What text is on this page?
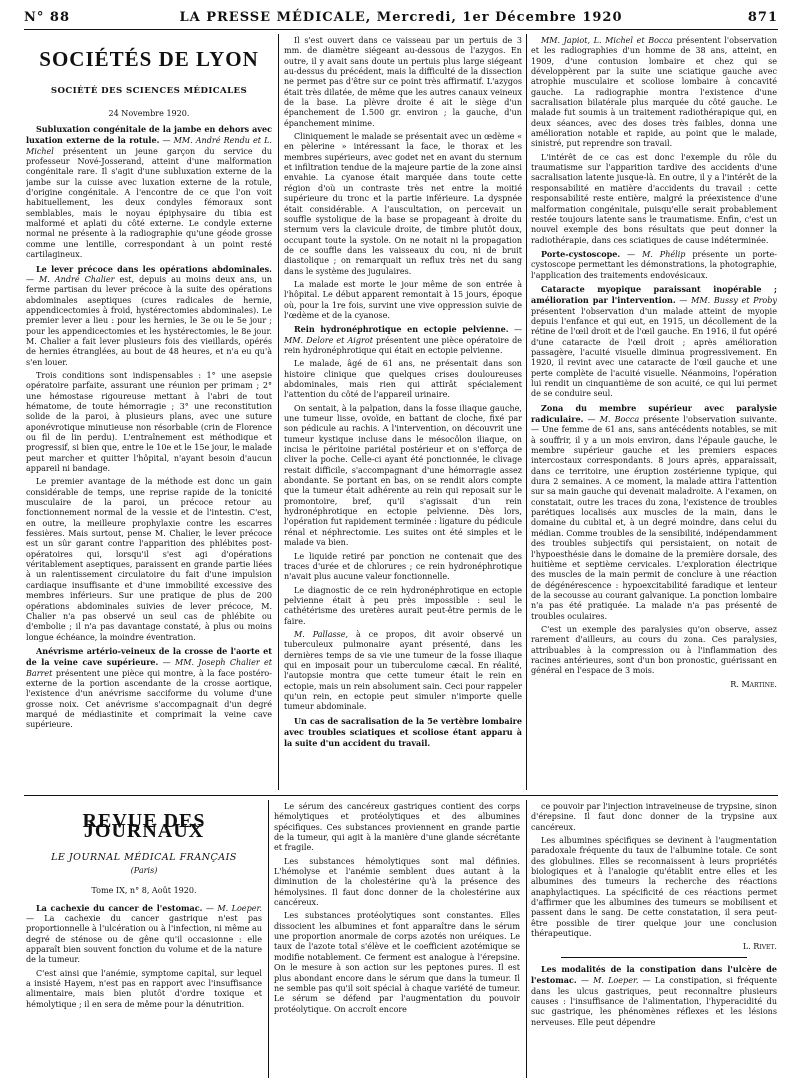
N° 88	LA PRESSE MÉDICALE, Mercredi, 1er Décembre 1920	871
SOCIÉTÉS DE LYON
SOCIÉTÉ DES SCIENCES MÉDICALES
24 Novembre 1920.

Subluxation congénitale de la jambe en dehors avec luxation externe de la rotule. — MM. André Rendu et L. Michel présentent un jeune garçon du service du professeur Nové-Josserand, atteint d'une malformation congénitale rare. Il s'agit d'une subluxation externe de la jambe sur la cuisse avec luxation externe de la rotule, d'origine congénitale. A l'encontre de ce que l'on voit habituellement, les deux condyles fémoraux sont semblables, mais le noyau épiphysaire du tibia est malformé et aplati du côté externe. Le condyle externe normal ne présente à la radiographie qu'une géode grosse comme une lentille, correspondant à un point resté cartilagineux.

Le lever précoce dans les opérations abdominales. — M. André Chalier est, depuis au moins deux ans, un ferme partisan du lever précoce à la suite des opérations abdominales aseptiques (cures radicales de hernie, appendicectomies à froid, hystérectomies abdominales). Le premier lever a lieu : pour les hernies, le 3e ou le 5e jour ; pour les appendicectomies et les hystérectomies, le 8e jour. M. Chalier a fait lever plusieurs fois des vieillards, opérés de hernies étranglées, au bout de 48 heures, et n'a eu qu'à s'en louer.

Trois conditions sont indispensables : 1° une asepsie opératoire parfaite, assurant une réunion per primam ; 2° une hémostase rigoureuse mettant à l'abri de tout hématome, de toute hémorragie ; 3° une reconstitution solide de la paroi, à plusieurs plans, avec une suture aponévrotique minutieuse non résorbable (crin de Florence ou fil de lin perdu). L'entraînement est méthodique et progressif, si bien que, entre le 10e et le 15e jour, le malade peut marcher et quitter l'hôpital, n'ayant besoin d'aucun appareil ni bandage.

Le premier avantage de la méthode est donc un gain considérable de temps, une reprise rapide de la tonicité musculaire de la paroi, un précoce retour au fonctionnement normal de la vessie et de l'intestin. C'est, en outre, la meilleure prophylaxie contre les escarres fessières. Mais surtout, pense M. Chalier, le lever précoce est un sûr garant contre l'apparition des phlébites post-opératoires qui, lorsqu'il s'est agi d'opérations véritablement aseptiques, paraissent en grande partie liées à un ralentissement circulatoire du fait d'une impulsion cardiaque insuffisante et d'une immobilité excessive des membres inférieurs. Sur une pratique de plus de 200 opérations abdominales suivies de lever précoce, M. Chalier n'a pas observé un seul cas de phlébite ou d'embolie ; il n'a pas davantage constaté, à plus ou moins longue échéance, la moindre éventration.

Anévrisme artério-veineux de la crosse de l'aorte et de la veine cave supérieure. — MM. Joseph Chalier et Barret présentent une pièce qui montre, à la face postéro-externe de la portion ascendante de la crosse aortique, l'existence d'un anévrisme sacciforme du volume d'une grosse noix. Cet anévrisme s'accompagnait d'un degré marqué de médiastinite et comprimait la veine cave supérieure.

Il s'est ouvert dans ce vaisseau par un pertuis de 3 mm. de diamètre siégeant au-dessous de l'azygos. En outre, il y avait sans doute un pertuis plus large siégeant au-dessus du précédent, mais la difficulté de la dissection ne permet pas d'être sur ce point très affirmatif. L'azygos était très dilatée, de même que les autres canaux veineux de la base. La plèvre droite é ait le siège d'un épanchement de 1.500 gr. environ ; la gauche, d'un épanchement minime.

Cliniquement le malade se présentait avec un œdème « en pèlerine » intéressant la face, le thorax et les membres supérieurs, avec godet net en avant du sternum et infiltration tendue de la majeure partie de la zone ainsi envahie. La cyanose était marquée dans toute cette région d'où un contraste très net entre la moitié supérieure du tronc et la partie inférieure. La dyspnée était considérable. A l'auscultation, on percevait un souffle systolique de la base se propageant à droite du sternum vers la clavicule droite, de timbre plutôt doux, occupant toute la systole. On ne notait ni la propagation de ce souffle dans les vaisseaux du cou, ni de bruit diastolique ; on remarquait un reflux très net du sang dans le système des jugulaires.

La malade est morte le jour même de son entrée à l'hôpital. Le début apparent remontait à 15 jours, époque où, pour la 1re fois, survint une vive oppression suivie de l'œdème et de la cyanose.

Rein hydronéphrotique en ectopie pelvienne. — MM. Delore et Aigrot présentent une pièce opératoire de rein hydronéphrotique qui était en ectopie pelvienne.

Le malade, âgé de 61 ans, ne présentait dans son histoire clinique que quelques crises douloureuses abdominales, mais rien qui attirât spécialement l'attention du côté de l'appareil urinaire.

On sentait, à la palpation, dans la fosse iliaque gauche, une tumeur lisse, ovoïde, en battant de cloche, fixé par son pédicule au rachis. A l'intervention, on découvrit une tumeur kystique incluse dans le mésocôlon iliaque, on incisa le péritoine pariétal postérieur et on s'efforça de cliver la poche. Celle-ci ayant été ponctionnée, le clivage restait difficile, s'accompagnant d'une hémorragie assez abondante. Se portant en bas, on se rendit alors compte que la tumeur était adhérente au rein qui reposait sur le promontoire, bref, qu'il s'agissait d'un rein hydronéphrotique en ectopie pelvienne. Dès lors, l'opération fut rapidement terminée : ligature du pédicule rénal et néphrectomie. Les suites ont été simples et le malade va bien.

Le liquide retiré par ponction ne contenait que des traces d'urée et de chlorures ; ce rein hydronéphrotique n'avait plus aucune valeur fonctionnelle.

Le diagnostic de ce rein hydronéphrotique en ectopie pelvienne était à peu près impossible : seul le cathétérisme des uretères aurait peut-être permis de le faire.

M. Pallasse, à ce propos, dit avoir observé un tuberculeux pulmonaire ayant présenté, dans les dernières temps de sa vie une tumeur de la fosse iliaque qui en imposait pour un tuberculome cæcal. En réalité, l'autopsie montra que cette tumeur était le rein en ectopie, mais un rein absolument sain. Ceci pour rappeler qu'un rein, en ectopie peut simuler n'importe quelle tumeur abdominale.

Un cas de sacralisation de la 5e vertèbre lombaire avec troubles sciatiques et scoliose étant apparu à la suite d'un accident du travail.

MM. Japiot, L. Michel et Bocca présentent l'observation et les radiographies d'un homme de 38 ans, atteint, en 1909, d'une contusion lombaire et chez qui se développèrent par la suite une sciatique gauche avec atrophie musculaire et scoliose lombaire à concavité gauche. La radiographie montra l'existence d'une sacralisation bilatérale plus marquée du côté gauche. Le malade fut soumis à un traitement radiothérapique qui, en deux séances, avec des doses très faibles, donna une amélioration notable et rapide, au point que le malade, sinistré, put reprendre son travail.

L'intérêt de ce cas est donc l'exemple du rôle du traumatisme sur l'apparition tardive des accidents d'une sacralisation latente jusque-là. En outre, il y a l'intérêt de la responsabilité en matière d'accidents du travail : cette responsabilité reste entière, malgré la préexistence d'une malformation congénitale, puisqu'elle serait probablement restée toujours latente sans le traumatisme. Enfin, c'est un nouvel exemple des bons résultats que peut donner la radiothérapie, dans ces sciatiques de cause indéterminée.

Porte-cystoscope. — M. Phélip présente un porte-cystoscope permettant les démonstrations, la photographie, l'application des traitements endovésicaux.

Cataracte myopique paraissant inopérable ; amélioration par l'intervention. — MM. Bussy et Proby présentent l'observation d'un malade atteint de myopie depuis l'enfance et qui eut, en 1915, un décollement de la rétine de l'œil droit et de l'œil gauche. En 1916, il fut opéré d'une cataracte de l'œil droit ; après amélioration passagère, l'acuité visuelle diminua progressivement. En 1920, il revint avec une cataracte de l'œil gauche et une perte complète de l'acuité visuelle. Néanmoins, l'opération lui rendit un cinquantième de son acuité, ce qui lui permet de se conduire seul.

Zona du membre supérieur avec paralysie radiculaire. — M. Bocca présente l'observation suivante. — Une femme de 61 ans, sans antécédents notables, se mit à souffrir, il y a un mois environ, dans l'épaule gauche, le membre supérieur gauche et les premiers espaces intercostaux correspondants. 8 jours après, apparaissait, dans ce territoire, une éruption zostérienne typique, qui dura 2 semaines. A ce moment, la malade attira l'attention sur sa main gauche qui devenait maladroite. A l'examen, on constatait, outre les traces du zona, l'existence de troubles parétiques localisés aux muscles de la main, dans le domaine du cubital et, à un degré moindre, dans celui du médian. Comme troubles de la sensibilité, indépendamment des troubles subjectifs qui persistaient, on notait de l'hypoesthésie dans le domaine de la première dorsale, des huitième et septième cervicales. L'exploration électrique des muscles de la main permit de conclure à une réaction de dégénérescence : hypoexcitabilité faradique et lenteur de la secousse au courant galvanique. La ponction lombaire n'a pas été pratiquée. La malade n'a pas présenté de troubles oculaires.

C'est un exemple des paralysies qu'on observe, assez rarement d'ailleurs, au cours du zona. Ces paralysies, attribuables à la compression ou à l'inflammation des racines antérieures, sont d'un bon pronostic, guérissant en général en l'espace de 3 mois.

R. Martine.

REVUE DES JOURNAUX
LE JOURNAL MÉDICAL FRANÇAIS
(Paris)
Tome IX, n° 8, Août 1920.

La cachexie du cancer de l'estomac. — M. Loeper. — La cachexie du cancer gastrique n'est pas proportionnelle à l'ulcération ou à l'infection, ni même au degré de sténose ou de gêne qu'il occasionne : elle apparaît bien souvent fonction du volume et de la nature de la tumeur.

C'est ainsi que l'anémie, symptome capital, sur lequel a insisté Hayem, n'est pas en rapport avec l'insuffisance alimentaire, mais bien plutôt d'ordre toxique et hémolytique ; il en sera de même pour la dénutrition.

Le sérum des cancéreux gastriques contient des corps hémolytiques et protéolytiques et des albumines spécifiques. Ces substances proviennent en grande partie de la tumeur, qui agit à la manière d'une glande sécrétante et fragile.

Les substances hémolytiques sont mal définies. L'hémolyse et l'anémie semblent dues autant à la diminution de la cholestérine qu'à la présence des hémolysines. Il faut donc donner de la cholestérine aux cancéreux.

Les substances protéolytiques sont constantes. Elles dissocient les albumines et font apparaître dans le sérum une proportion anormale de corps azotés non uréiques. Le taux de l'azote total s'élève et le coefficient azotémique se modifie notablement. Ce ferment est analogue à l'érepsine. On le mesure à son action sur les peptones pures. Il est plus abondant encore dans le sérum que dans la tumeur. Il ne semble pas qu'il soit spécial à chaque variété de tumeur. Le sérum se défend par l'augmentation du pouvoir protéolytique. On accroît encore

ce pouvoir par l'injection intraveineuse de trypsine, sinon d'érepsine. Il faut donc donner de la trypsine aux cancéreux.

Les albumines spécifiques se devinent à l'augmentation paradoxale fréquente du taux de l'albumine totale. Ce sont des globulines. Elles se reconnaissent à leurs propriétés biologiques et à l'analogie qu'établit entre elles et les albumines des tumeurs la recherche des réactions anaphylactiques. La spécificité de ces réactions permet d'affirmer que les albumines des tumeurs se mobilisent et passent dans le sang. De cette constatation, il sera peut-être possible de tirer quelque jour une conclusion thérapeutique.

L. Rivet.

Les modalités de la constipation dans l'ulcère de l'estomac. — M. Loeper. — La constipation, si fréquente dans les ulcus gastriques, peut reconnaître plusieurs causes : l'insuffisance de l'alimentation, l'hyperacidité du suc gastrique, les phénomènes réflexes et les lésions nerveuses. Elle peut dépendre
